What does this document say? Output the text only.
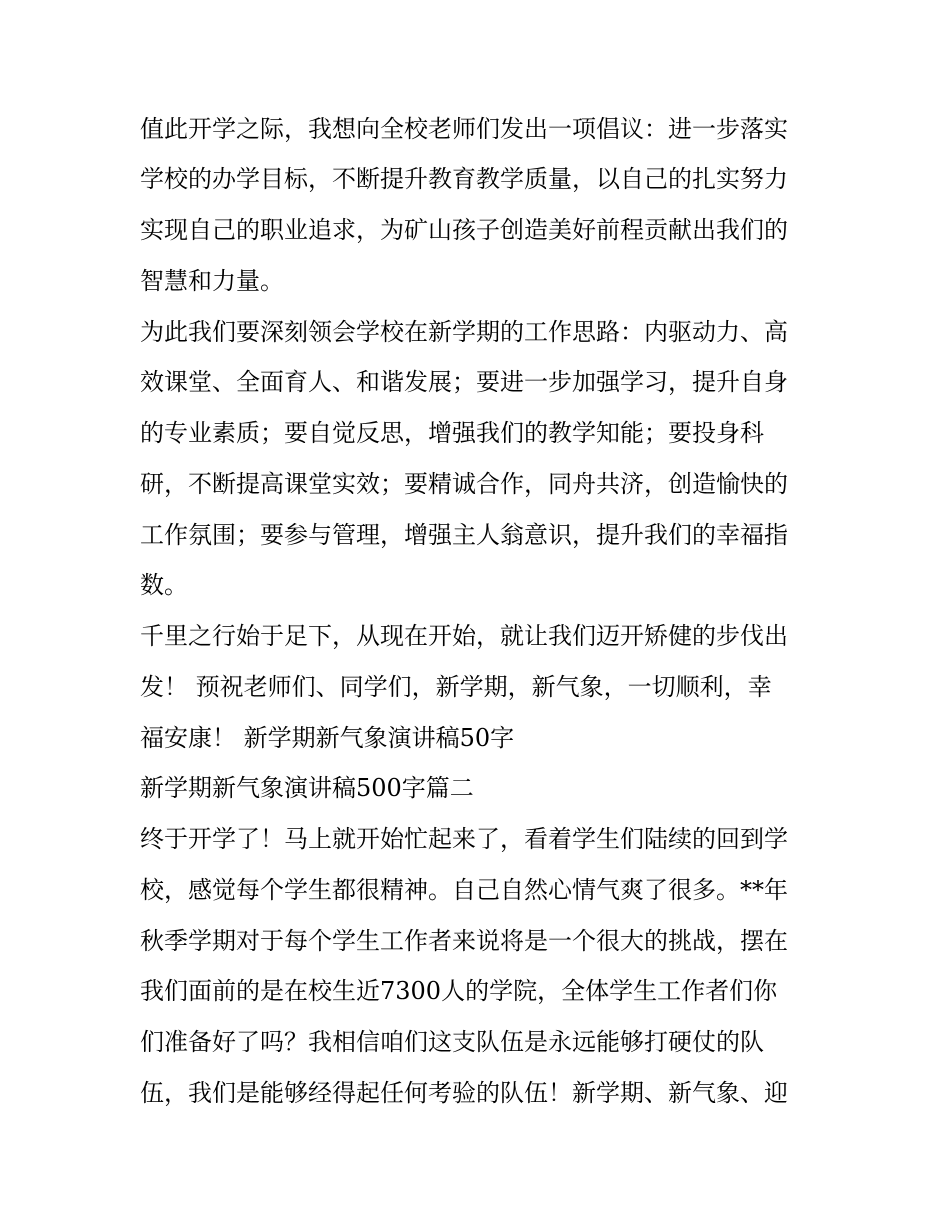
值此开学之际，我想向全校老师们发出一项倡议：进一步落实

学校的办学目标，不断提升教育教学质量，以自己的扎实努力

实现自己的职业追求，为矿山孩子创造美好前程贡献出我们的

智慧和力量。

为此我们要深刻领会学校在新学期的工作思路：内驱动力、高

效课堂、全面育人、和谐发展；要进一步加强学习，提升自身

的专业素质；要自觉反思，增强我们的教学知能；要投身科

研，不断提高课堂实效；要精诚合作，同舟共济，创造愉快的

工作氛围；要参与管理，增强主人翁意识，提升我们的幸福指

数。

千里之行始于足下，从现在开始，就让我们迈开矫健的步伐出

发！ 预祝老师们、同学们，新学期，新气象，一切顺利，幸

福安康！ 新学期新气象演讲稿50字

新学期新气象演讲稿500字篇二

终于开学了！马上就开始忙起来了，看着学生们陆续的回到学

校，感觉每个学生都很精神。自己自然心情气爽了很多。**年

秋季学期对于每个学生工作者来说将是一个很大的挑战，摆在

我们面前的是在校生近7300人的学院，全体学生工作者们你

们准备好了吗？我相信咱们这支队伍是永远能够打硬仗的队

伍，我们是能够经得起任何考验的队伍！新学期、新气象、迎
